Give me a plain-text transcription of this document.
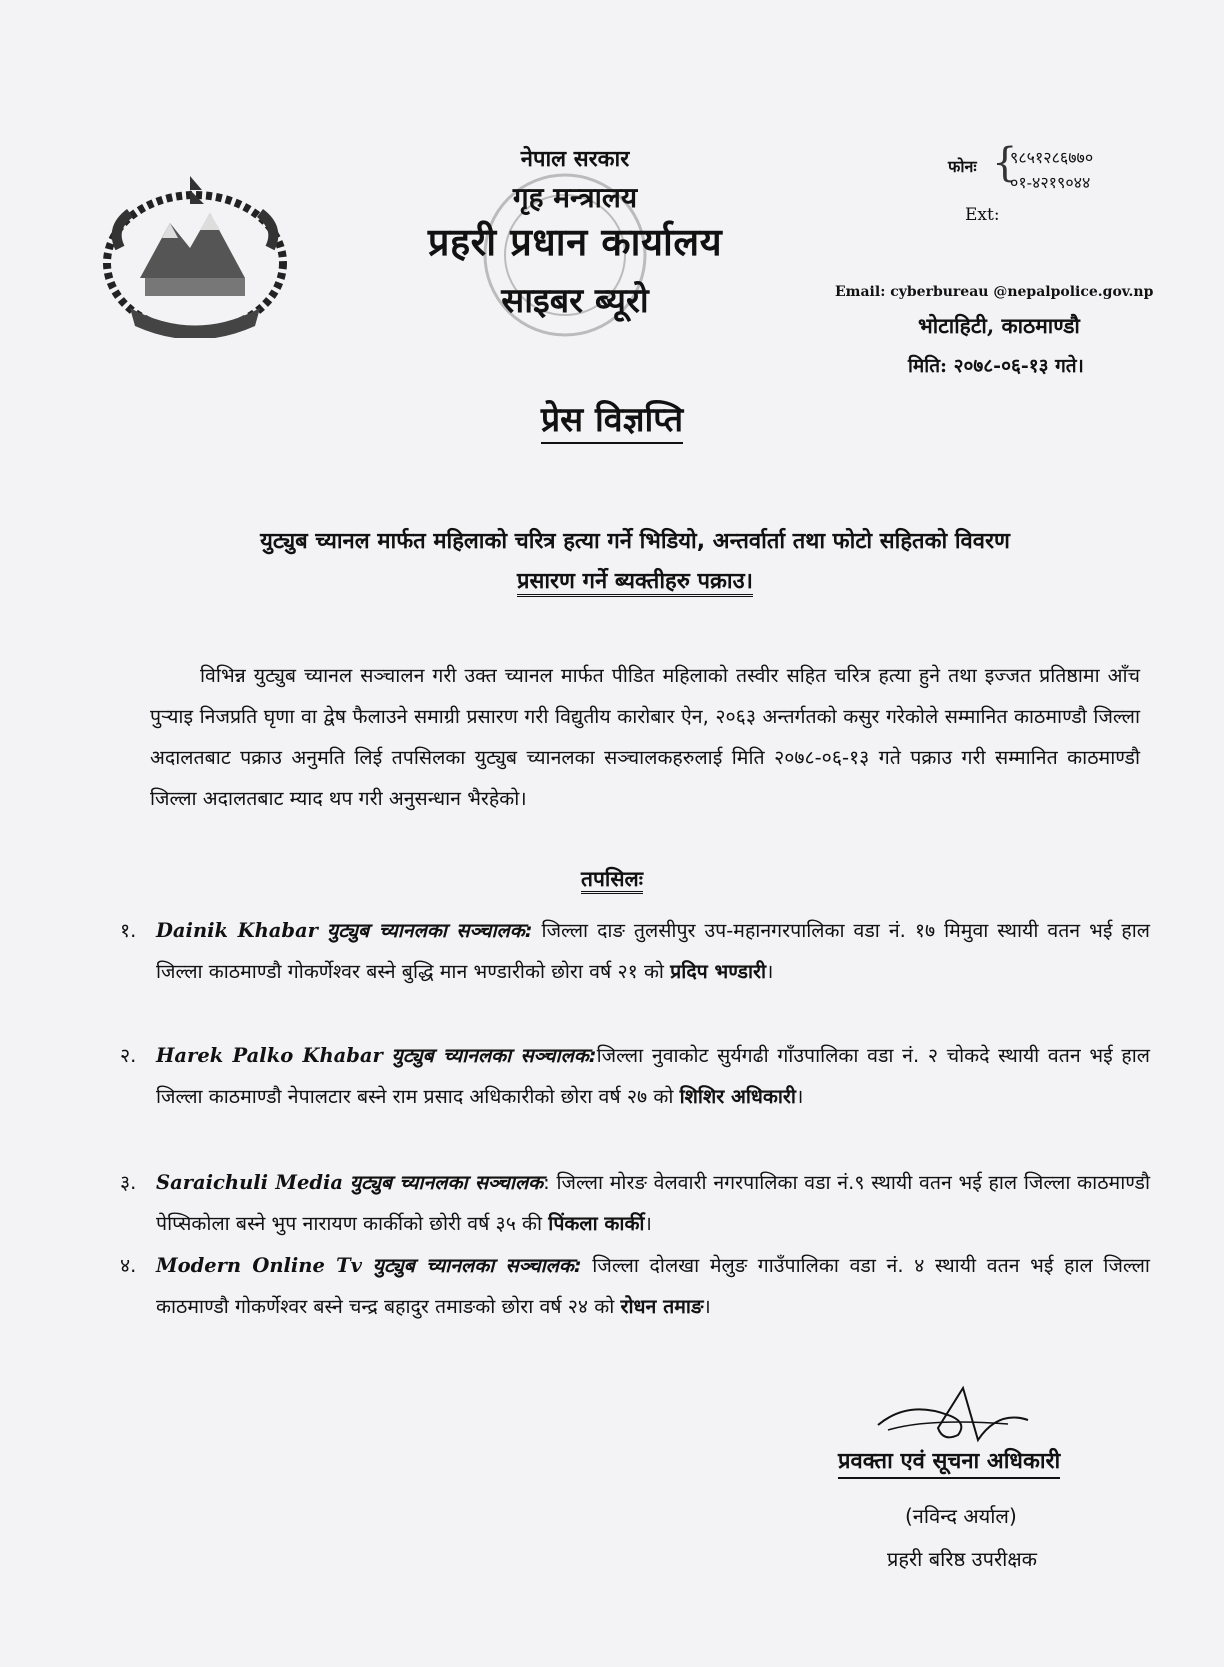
नेपाल सरकार
गृह मन्त्रालय
प्रहरी प्रधान कार्यालय
साइबर ब्यूरो
फोनः {
९८५१२८६७७०
०१-४२१९०४४
Ext:
Email: cyberbureau @nepalpolice.gov.np
भोटाहिटी, काठमाण्डौ
मिति: २०७८-०६-१३ गते।
प्रेस विज्ञप्ति
युट्युब च्यानल मार्फत महिलाको चरित्र हत्या गर्ने भिडियो, अन्तर्वार्ता तथा फोटो सहितको विवरण
प्रसारण गर्ने ब्यक्तीहरु पक्राउ।
विभिन्न युट्युब च्यानल सञ्चालन गरी उक्त च्यानल मार्फत पीडित महिलाको तस्वीर सहित चरित्र हत्या हुने तथा इज्जत प्रतिष्ठामा आँच पुऱ्याइ निजप्रति घृणा वा द्वेष फैलाउने समाग्री प्रसारण गरी विद्युतीय कारोबार ऐन, २०६३ अन्तर्गतको कसुर गरेकोले सम्मानित काठमाण्डौ जिल्ला अदालतबाट पक्राउ अनुमति लिई तपसिलका युट्युब च्यानलका सञ्चालकहरुलाई मिति २०७८-०६-१३ गते पक्राउ गरी सम्मानित काठमाण्डौ जिल्ला अदालतबाट म्याद थप गरी अनुसन्धान भैरहेको।
तपसिलः
१.	Dainik Khabar युट्युब च्यानलका सञ्चालक: जिल्ला दाङ तुलसीपुर उप-महानगरपालिका वडा नं. १७ मिमुवा स्थायी वतन भई हाल जिल्ला काठमाण्डौ गोकर्णेश्वर बस्ने बुद्धि मान भण्डारीको छोरा वर्ष २१ को प्रदिप भण्डारी।
२.	Harek Palko Khabar युट्युब च्यानलका सञ्चालक:जिल्ला नुवाकोट सुर्यगढी गाँउपालिका वडा नं. २ चोकदे स्थायी वतन भई हाल जिल्ला काठमाण्डौ नेपालटार बस्ने राम प्रसाद अधिकारीको छोरा वर्ष २७ को शिशिर अधिकारी।
३.	Saraichuli Media युट्युब च्यानलका सञ्चालक: जिल्ला मोरङ वेलवारी नगरपालिका वडा नं.९ स्थायी वतन भई हाल जिल्ला काठमाण्डौ पेप्सिकोला बस्ने भुप नारायण कार्कीको छोरी वर्ष ३५ की पिंकला कार्की।
४.	Modern Online Tv युट्युब च्यानलका सञ्चालक: जिल्ला दोलखा मेलुङ गाउँपालिका वडा नं. ४ स्थायी वतन भई हाल जिल्ला काठमाण्डौ गोकर्णेश्वर बस्ने चन्द्र बहादुर तमाङको छोरा वर्ष २४ को रोधन तमाङ।
प्रवक्ता एवं सूचना अधिकारी
(नविन्द अर्याल)
प्रहरी बरिष्ठ उपरीक्षक
